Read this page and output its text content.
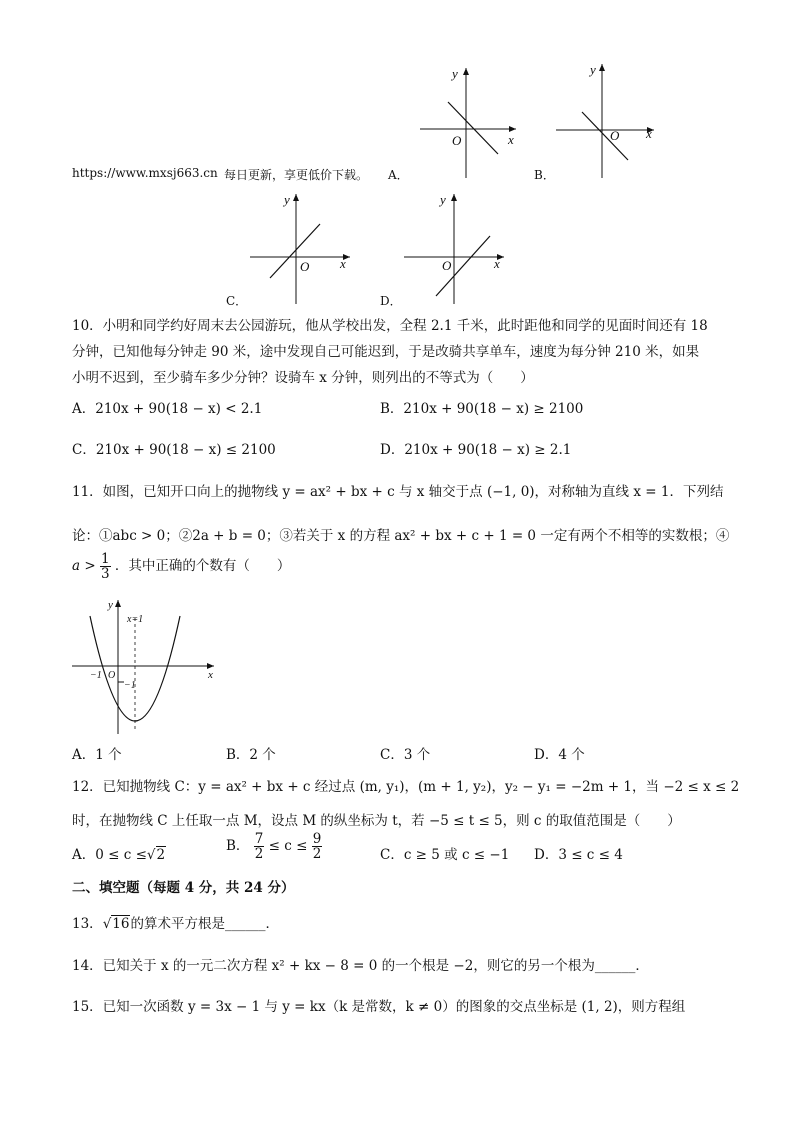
https://www.mxsj663.cn 每日更新，享更低价下载。 A．
y
x
O
B．
y
x
O
C．
y
x
O
D．
y
x
O
10．小明和同学约好周末去公园游玩，他从学校出发，全程 2.1 千米，此时距他和同学的见面时间还有 18
分钟，已知他每分钟走 90 米，途中发现自己可能迟到，于是改骑共享单车，速度为每分钟 210 米，如果
小明不迟到，至少骑车多少分钟？设骑车 x 分钟，则列出的不等式为（　　）
A．210x + 90(18 − x) < 2.1	B．210x + 90(18 − x) ≥ 2100
C．210x + 90(18 − x) ≤ 2100	D．210x + 90(18 − x) ≥ 2.1
11．如图，已知开口向上的抛物线 y = ax² + bx + c 与 x 轴交于点 (−1, 0)，对称轴为直线 x = 1．下列结
论：①abc > 0；②2a + b = 0；③若关于 x 的方程 ax² + bx + c + 1 = 0 一定有两个不相等的实数根；④
$a > \frac{1}{3}$ ．其中正确的个数有（　　）
y
x=1
x
−1 O
−1
A．1 个	B．2 个	C．3 个	D．4 个
12．已知抛物线 C：y = ax² + bx + c 经过点 (m, y₁)，(m + 1, y₂)，y₂ − y₁ = −2m + 1，当 −2 ≤ x ≤ 2
时，在抛物线 C 上任取一点 M，设点 M 的纵坐标为 t，若 −5 ≤ t ≤ 5，则 c 的取值范围是（　　）
A．0 ≤ c ≤√2
B． $\frac{7}{2} \le c \le \frac{9}{2}$	C．c ≥ 5 或 c ≤ −1 D．3 ≤ c ≤ 4
二、填空题（每题 4 分，共 24 分）
13．√16的算术平方根是______．
14．已知关于 x 的一元二次方程 x² + kx − 8 = 0 的一个根是 −2，则它的另一个根为______．
15．已知一次函数 y = 3x − 1 与 y = kx（k 是常数，k ≠ 0）的图象的交点坐标是 (1, 2)，则方程组
